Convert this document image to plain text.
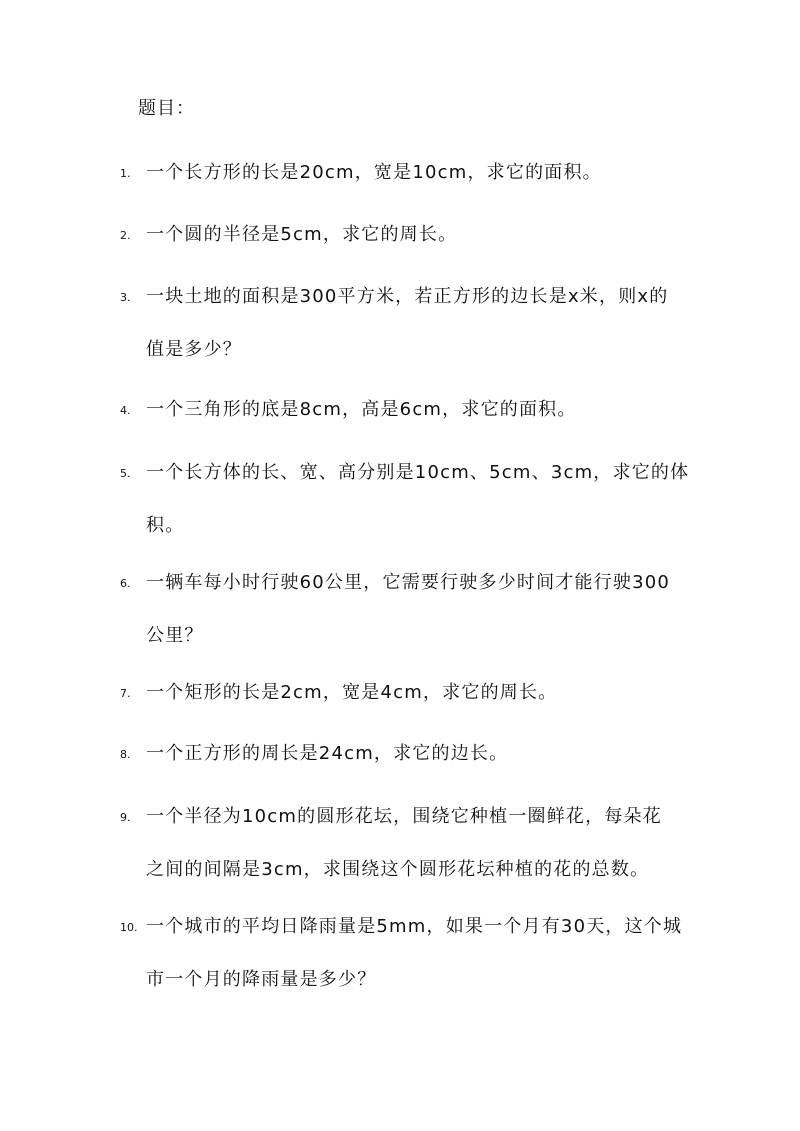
题目：
1. 一个长方形的长是20cm，宽是10cm，求它的面积。
2. 一个圆的半径是5cm，求它的周长。
3. 一块土地的面积是300平方米，若正方形的边长是x米，则x的
值是多少？
4. 一个三角形的底是8cm，高是6cm，求它的面积。
5. 一个长方体的长、宽、高分别是10cm、5cm、3cm，求它的体
积。
6. 一辆车每小时行驶60公里，它需要行驶多少时间才能行驶300
公里？
7. 一个矩形的长是2cm，宽是4cm，求它的周长。
8. 一个正方形的周长是24cm，求它的边长。
9. 一个半径为10cm的圆形花坛，围绕它种植一圈鲜花，每朵花
之间的间隔是3cm，求围绕这个圆形花坛种植的花的总数。
10. 一个城市的平均日降雨量是5mm，如果一个月有30天，这个城
市一个月的降雨量是多少？
